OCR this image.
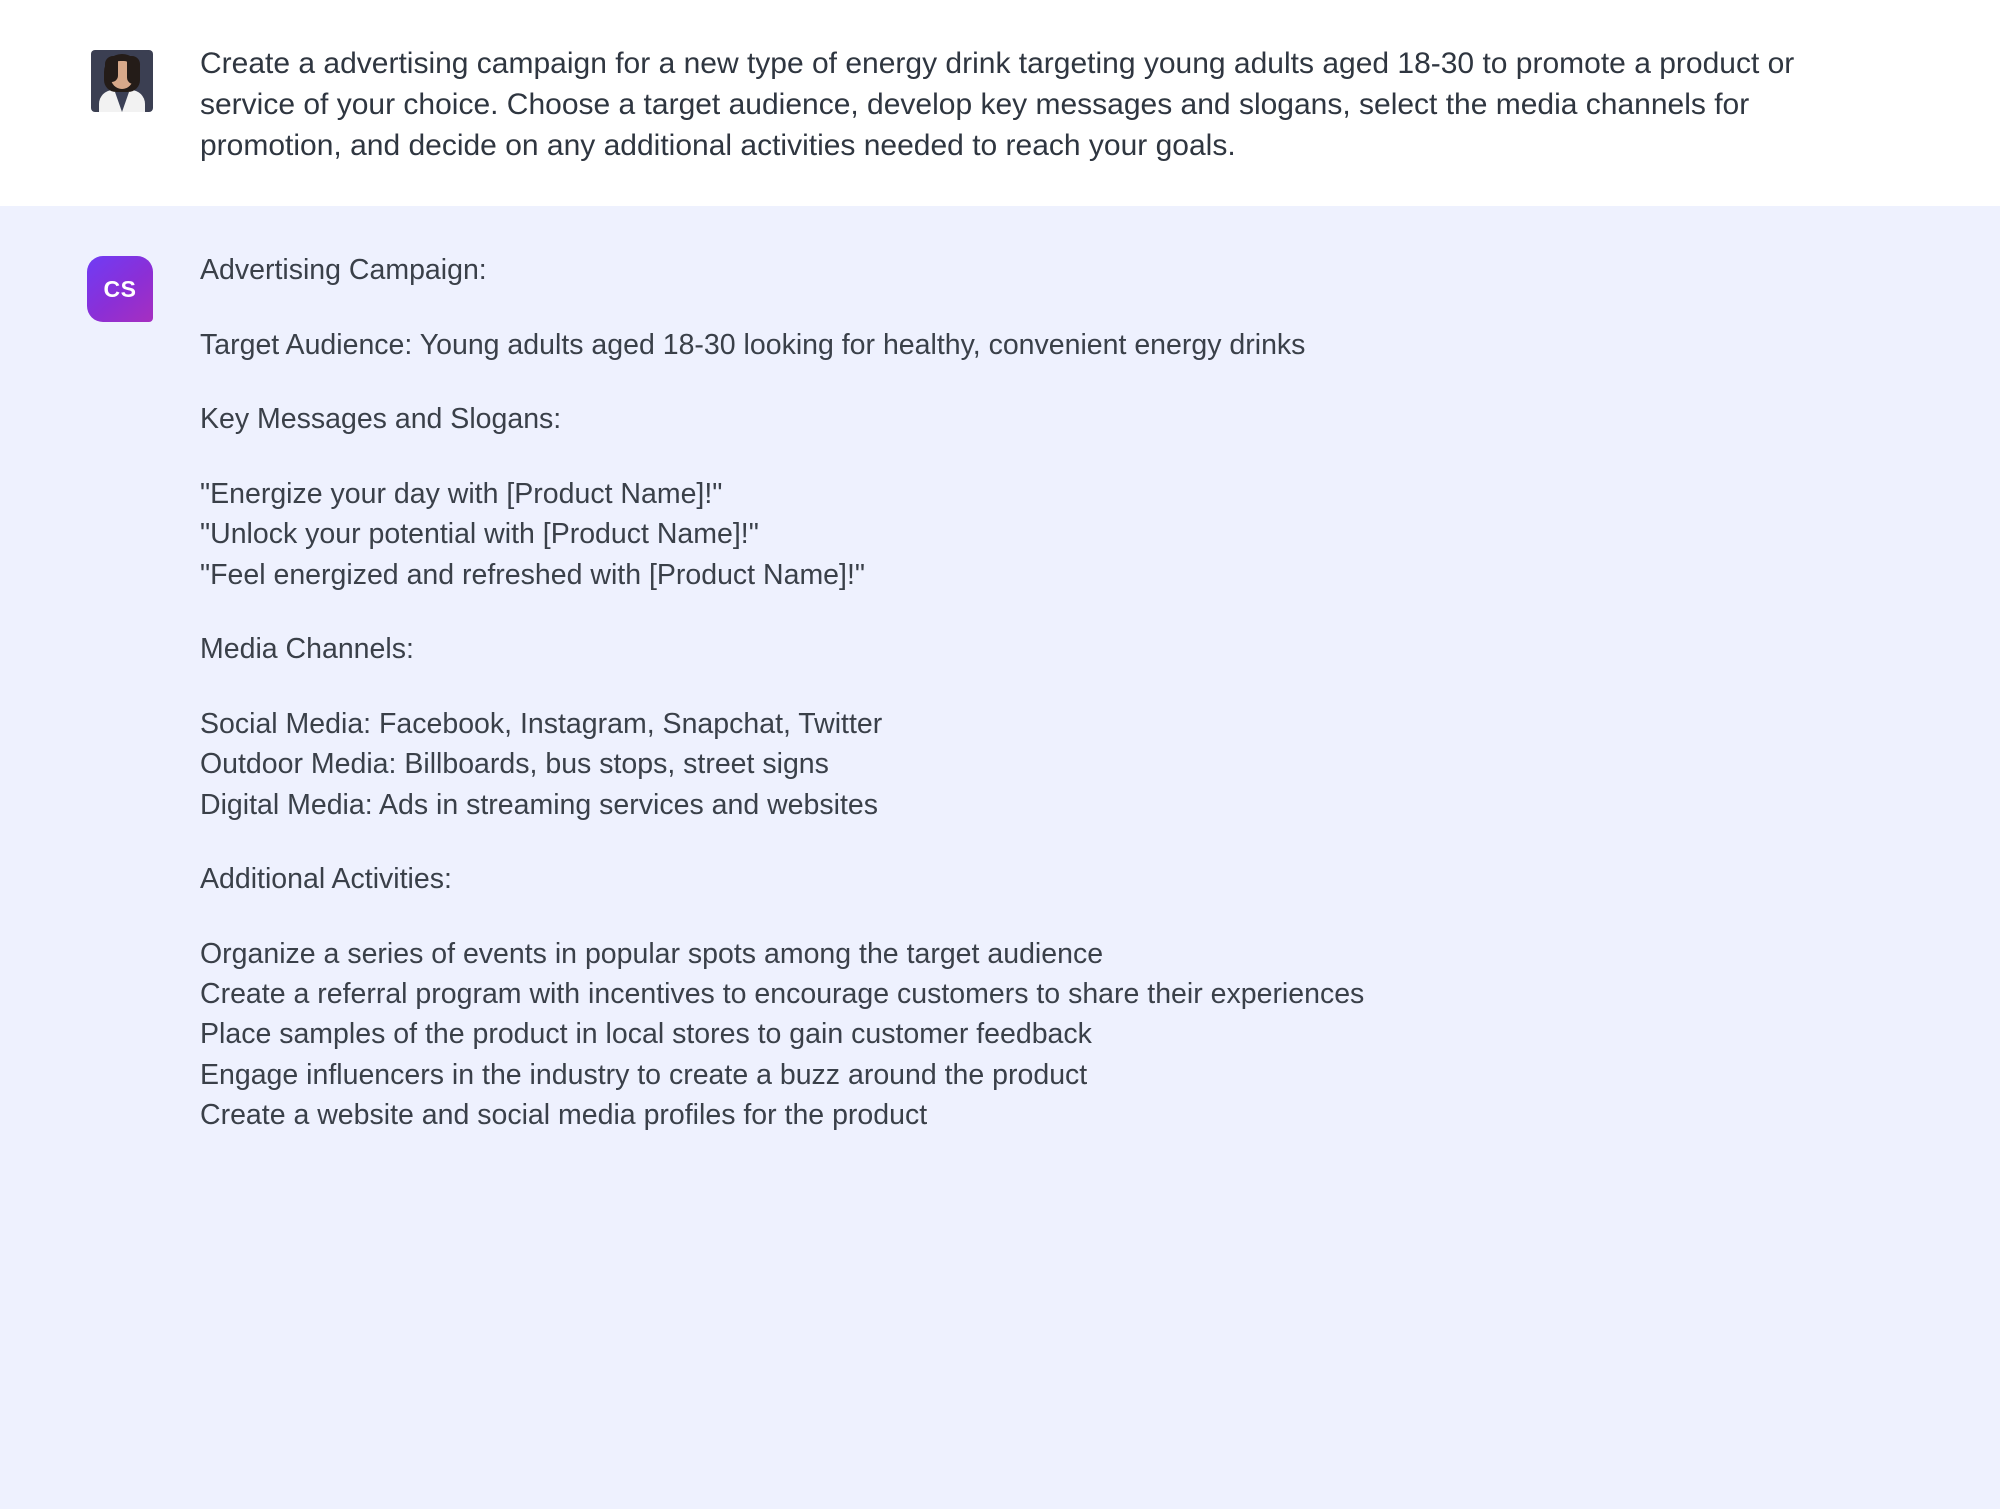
Create a advertising campaign for a new type of energy drink targeting young adults aged 18-30 to promote a product or service of your choice. Choose a target audience, develop key messages and slogans, select the media channels for promotion, and decide on any additional activities needed to reach your goals.

CS

Advertising Campaign:

Target Audience: Young adults aged 18-30 looking for healthy, convenient energy drinks

Key Messages and Slogans:

"Energize your day with [Product Name]!"
"Unlock your potential with [Product Name]!"
"Feel energized and refreshed with [Product Name]!"

Media Channels:

Social Media: Facebook, Instagram, Snapchat, Twitter
Outdoor Media: Billboards, bus stops, street signs
Digital Media: Ads in streaming services and websites

Additional Activities:

Organize a series of events in popular spots among the target audience
Create a referral program with incentives to encourage customers to share their experiences
Place samples of the product in local stores to gain customer feedback
Engage influencers in the industry to create a buzz around the product
Create a website and social media profiles for the product
